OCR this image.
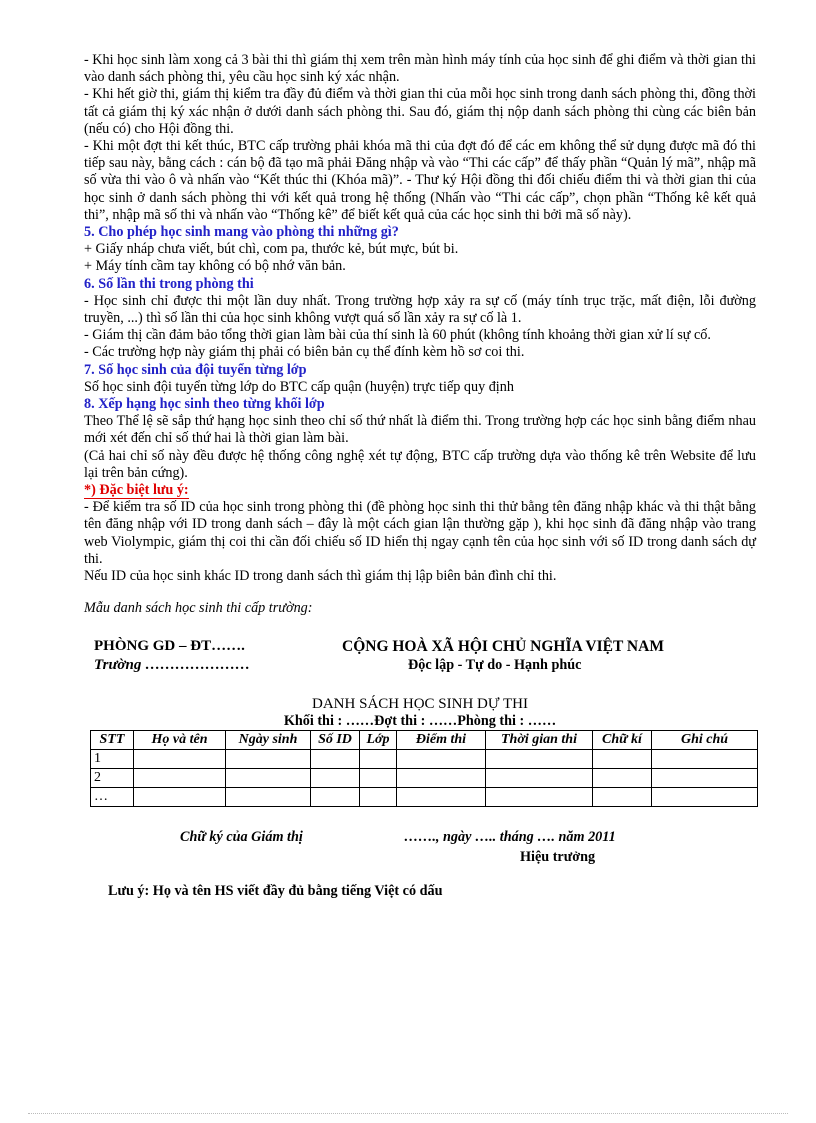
- Khi học sinh làm xong cả 3 bài thi thì giám thị xem trên màn hình máy tính của học sinh để ghi điểm và thời gian thi vào danh sách phòng thi, yêu cầu học sinh ký xác nhận.

- Khi hết giờ thi, giám thị kiểm tra đầy đủ điểm và thời gian thi của mỗi học sinh trong danh sách phòng thi, đồng thời tất cả giám thị ký xác nhận ở dưới danh sách phòng thi. Sau đó, giám thị nộp danh sách phòng thi cùng các biên bản (nếu có) cho Hội đồng thi.

- Khi một đợt thi kết thúc, BTC cấp trường phải khóa mã thi của đợt đó để các em không thể sử dụng được mã đó thi tiếp sau này, bằng cách : cán bộ đã tạo mã phải Đăng nhập và vào “Thi các cấp” để thấy phần “Quản lý mã”, nhập mã số vừa thi vào ô và nhấn vào “Kết thúc thi (Khóa mã)”. - Thư ký Hội đồng thi đối chiếu điểm thi và thời gian thi của học sinh ở danh sách phòng thi với kết quả trong hệ thống (Nhấn vào “Thi các cấp”, chọn phần “Thống kê kết quả thi”, nhập mã số thi và nhấn vào “Thống kê” để biết kết quả của các học sinh thi bởi mã số này).

5. Cho phép học sinh mang vào phòng thi những gì?

+ Giấy nháp chưa viết, bút chì, com pa, thước kẻ, bút mực, bút bi.

+ Máy tính cầm tay không có bộ nhớ văn bản.

6. Số lần thi trong phòng thi

- Học sinh chỉ được thi một lần duy nhất. Trong trường hợp xảy ra sự cố (máy tính trục trặc, mất điện, lỗi đường truyền, ...) thì số lần thi của học sinh không vượt quá số lần xảy ra sự cố là 1.

- Giám thị cần đảm bảo tổng thời gian làm bài của thí sinh là 60 phút (không tính khoảng thời gian xử lí sự cố.

- Các trường hợp này giám thị phải có biên bản cụ thể đính kèm hồ sơ coi thi.

7. Số học sinh của đội tuyển từng lớp

Số học sinh đội tuyển từng lớp do BTC cấp quận (huyện) trực tiếp quy định

8. Xếp hạng học sinh theo từng khối lớp

Theo Thể lệ sẽ sắp thứ hạng học sinh theo chỉ số thứ nhất là điểm thi. Trong trường hợp các học sinh bằng điểm nhau mới xét đến chỉ số thứ hai là thời gian làm bài.

(Cả hai chỉ số này đều được hệ thống công nghệ xét tự động, BTC cấp trường dựa vào thống kê trên Website để lưu lại trên bản cứng).

*) Đặc biệt lưu ý:

- Để kiểm tra số ID của học sinh trong phòng thi (đề phòng học sinh thi thử bằng tên đăng nhập khác và thi thật bằng tên đăng nhập với ID trong danh sách – đây là một cách gian lận thường gặp ), khi học sinh đã đăng nhập vào trang web Violympic, giám thị coi thi cần đối chiếu số ID hiển thị ngay cạnh tên của học sinh với số ID trong danh sách dự thi.

Nếu ID của học sinh khác ID trong danh sách thì giám thị lập biên bản đình chỉ thi.

Mẫu danh sách học sinh thi cấp trường:

PHÒNG GD – ĐT…….
Trường …………………
CỘNG HOÀ XÃ HỘI CHỦ NGHĨA VIỆT NAM
Độc lập - Tự do - Hạnh phúc
DANH SÁCH HỌC SINH DỰ THI
Khối thi : ……Đợt thi : ……Phòng thi : ……
STT	Họ và tên	Ngày sinh	Số ID	Lớp	Điểm thi	Thời gian thi	Chữ kí	Ghi chú
1								
2								
…								
Chữ ký của Giám thị	……., ngày ….. tháng …. năm 2011
Hiệu trưởng

Lưu ý: Họ và tên HS viết đầy đủ bằng tiếng Việt có dấu
